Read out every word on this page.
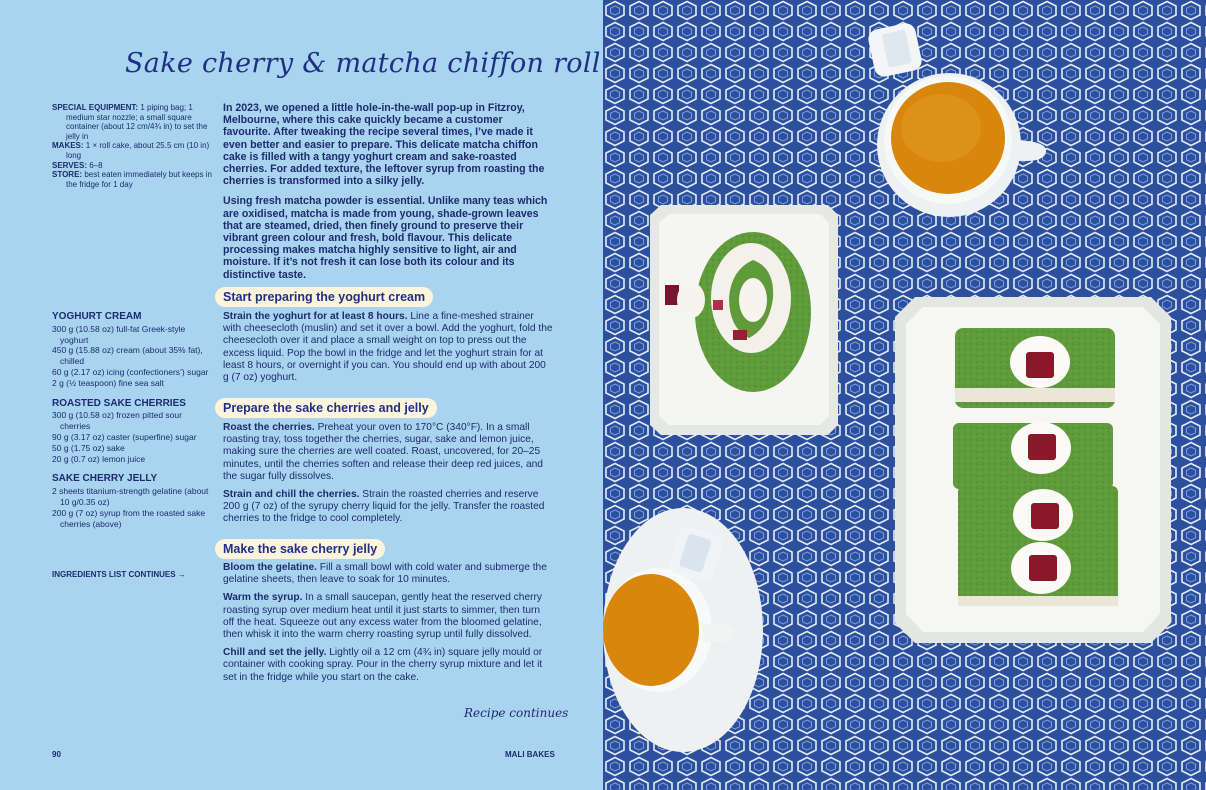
Sake cherry & matcha chiffon roll

SPECIAL EQUIPMENT: 1 piping bag; 1 medium star nozzle; a small square container (about 12 cm/4¾ in) to set the jelly in

MAKES: 1 × roll cake, about 25.5 cm (10 in) long

SERVES: 6–8

STORE: best eaten immediately but keeps in the fridge for 1 day

In 2023, we opened a little hole-in-the-wall pop-up in Fitzroy, Melbourne, where this cake quickly became a customer favourite. After tweaking the recipe several times, I’ve made it even better and easier to prepare. This delicate matcha chiffon cake is filled with a tangy yoghurt cream and sake-roasted cherries. For added texture, the leftover syrup from roasting the cherries is transformed into a silky jelly.

Using fresh matcha powder is essential. Unlike many teas which are oxidised, matcha is made from young, shade-grown leaves that are steamed, dried, then finely ground to preserve their vibrant green colour and fresh, bold flavour. This delicate processing makes matcha highly sensitive to light, air and moisture. If it’s not fresh it can lose both its colour and its distinctive taste.

YOGHURT CREAM

300 g (10.58 oz) full-fat Greek-style yoghurt

450 g (15.88 oz) cream (about 35% fat), chilled

60 g (2.17 oz) icing (confectioners’) sugar

2 g (½ teaspoon) fine sea salt

ROASTED SAKE CHERRIES

300 g (10.58 oz) frozen pitted sour cherries

90 g (3.17 oz) caster (superfine) sugar

50 g (1.75 oz) sake

20 g (0.7 oz) lemon juice

SAKE CHERRY JELLY

2 sheets titanium-strength gelatine (about 10 g/0.35 oz)

200 g (7 oz) syrup from the roasted sake cherries (above)

INGREDIENTS LIST CONTINUES →
Start preparing the yoghurt cream

Strain the yoghurt for at least 8 hours. Line a fine-meshed strainer with cheesecloth (muslin) and set it over a bowl. Add the yoghurt, fold the cheesecloth over it and place a small weight on top to press out the excess liquid. Pop the bowl in the fridge and let the yoghurt strain for at least 8 hours, or overnight if you can. You should end up with about 200 g (7 oz) yoghurt.

Prepare the sake cherries and jelly

Roast the cherries. Preheat your oven to 170°C (340°F). In a small roasting tray, toss together the cherries, sugar, sake and lemon juice, making sure the cherries are well coated. Roast, uncovered, for 20–25 minutes, until the cherries soften and release their deep red juices, and the sugar fully dissolves.

Strain and chill the cherries. Strain the roasted cherries and reserve 200 g (7 oz) of the syrupy cherry liquid for the jelly. Transfer the roasted cherries to the fridge to cool completely.

Make the sake cherry jelly

Bloom the gelatine. Fill a small bowl with cold water and submerge the gelatine sheets, then leave to soak for 10 minutes.

Warm the syrup. In a small saucepan, gently heat the reserved cherry roasting syrup over medium heat until it just starts to simmer, then turn off the heat. Squeeze out any excess water from the bloomed gelatine, then whisk it into the warm cherry roasting syrup until fully dissolved.

Chill and set the jelly. Lightly oil a 12 cm (4¾ in) square jelly mould or container with cooking spray. Pour in the cherry syrup mixture and let it set in the fridge while you start on the cake.

Recipe continues
90	MALI BAKES
